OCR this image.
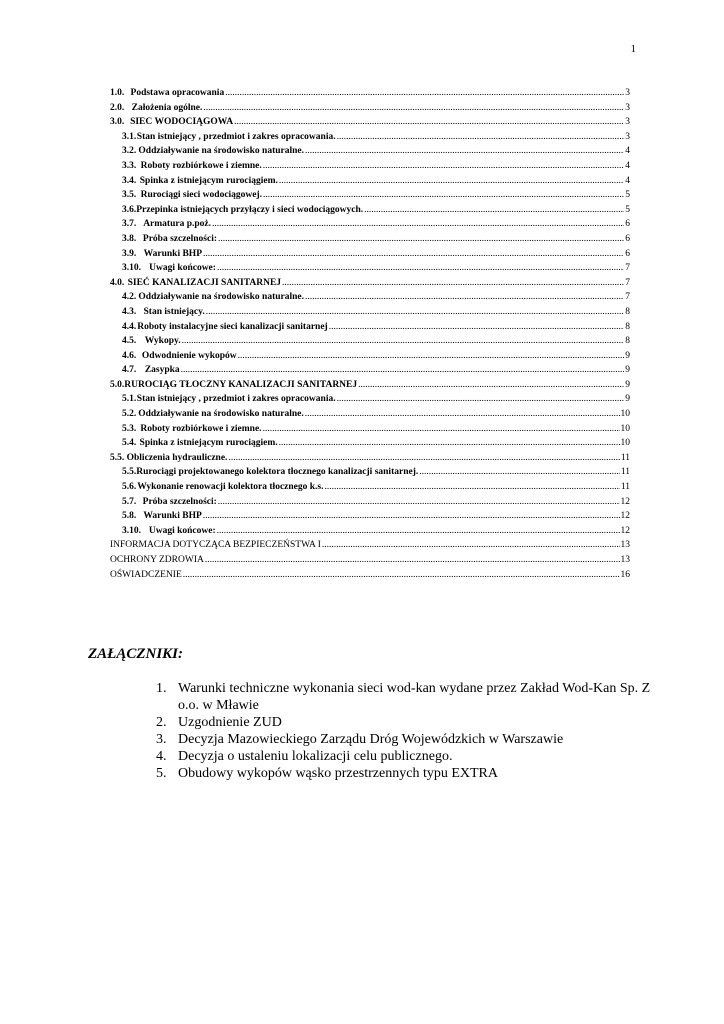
1
1.0. Podstawa opracowania .....	3
2.0. Założenia ogólne. .....	3
3.0. SIEC WODOCIĄGOWA .....	3
3.1. Stan istniejący , przedmiot i zakres opracowania. .....	3
3.2. Oddziaływanie na środowisko naturalne. .....	4
3.3. Roboty rozbiórkowe i ziemne. .....	4
3.4. Spinka z istniejącym rurociągiem. .....	4
3.5. Rurociągi sieci wodociągowej. .....	5
3.6. Przepinka istniejących przyłączy i sieci wodociągowych. .....	5
3.7. Armatura p.poż. .....	6
3.8. Próba szczelności: .....	6
3.9. Warunki BHP .....	6
3.10. Uwagi końcowe: .....	7
4.0. SIEĆ KANALIZACJI SANITARNEJ .....	7
4.2. Oddziaływanie na środowisko naturalne. .....	7
4.3. Stan istniejący. .....	8
4.4. Roboty instalacyjne sieci kanalizacji sanitarnej .....	8
4.5. Wykopy. .....	8
4.6. Odwodnienie wykopów .....	9
4.7. Zasypka .....	9
5.0. RUROCIĄG TŁOCZNY KANALIZACJI SANITARNEJ .....	9
5.1. Stan istniejący , przedmiot i zakres opracowania. .....	9
5.2. Oddziaływanie na środowisko naturalne. .....	10
5.3. Roboty rozbiórkowe i ziemne. .....	10
5.4. Spinka z istniejącym rurociągiem. .....	10
5.5. Obliczenia hydrauliczne. .....	11
5.5. Rurociągi projektowanego kolektora tłocznego kanalizacji sanitarnej. .....	11
5.6. Wykonanie renowacji kolektora tłocznego k.s. .....	11
5.7. Próba szczelności: .....	12
5.8. Warunki BHP .....	12
3.10. Uwagi końcowe: .....	12
INFORMACJA DOTYCZĄCA BEZPIECZEŃSTWA I .....	13
OCHRONY ZDROWIA .....	13
OŚWIADCZENIE .....	16
ZAŁĄCZNIKI:
1. Warunki techniczne wykonania sieci wod-kan wydane przez Zakład Wod-Kan Sp. Z o.o. w Mławie
2. Uzgodnienie ZUD
3. Decyzja Mazowieckiego Zarządu Dróg Wojewódzkich w Warszawie
4. Decyzja o ustaleniu lokalizacji celu publicznego.
5. Obudowy wykopów wąsko przestrzennych typu EXTRA
